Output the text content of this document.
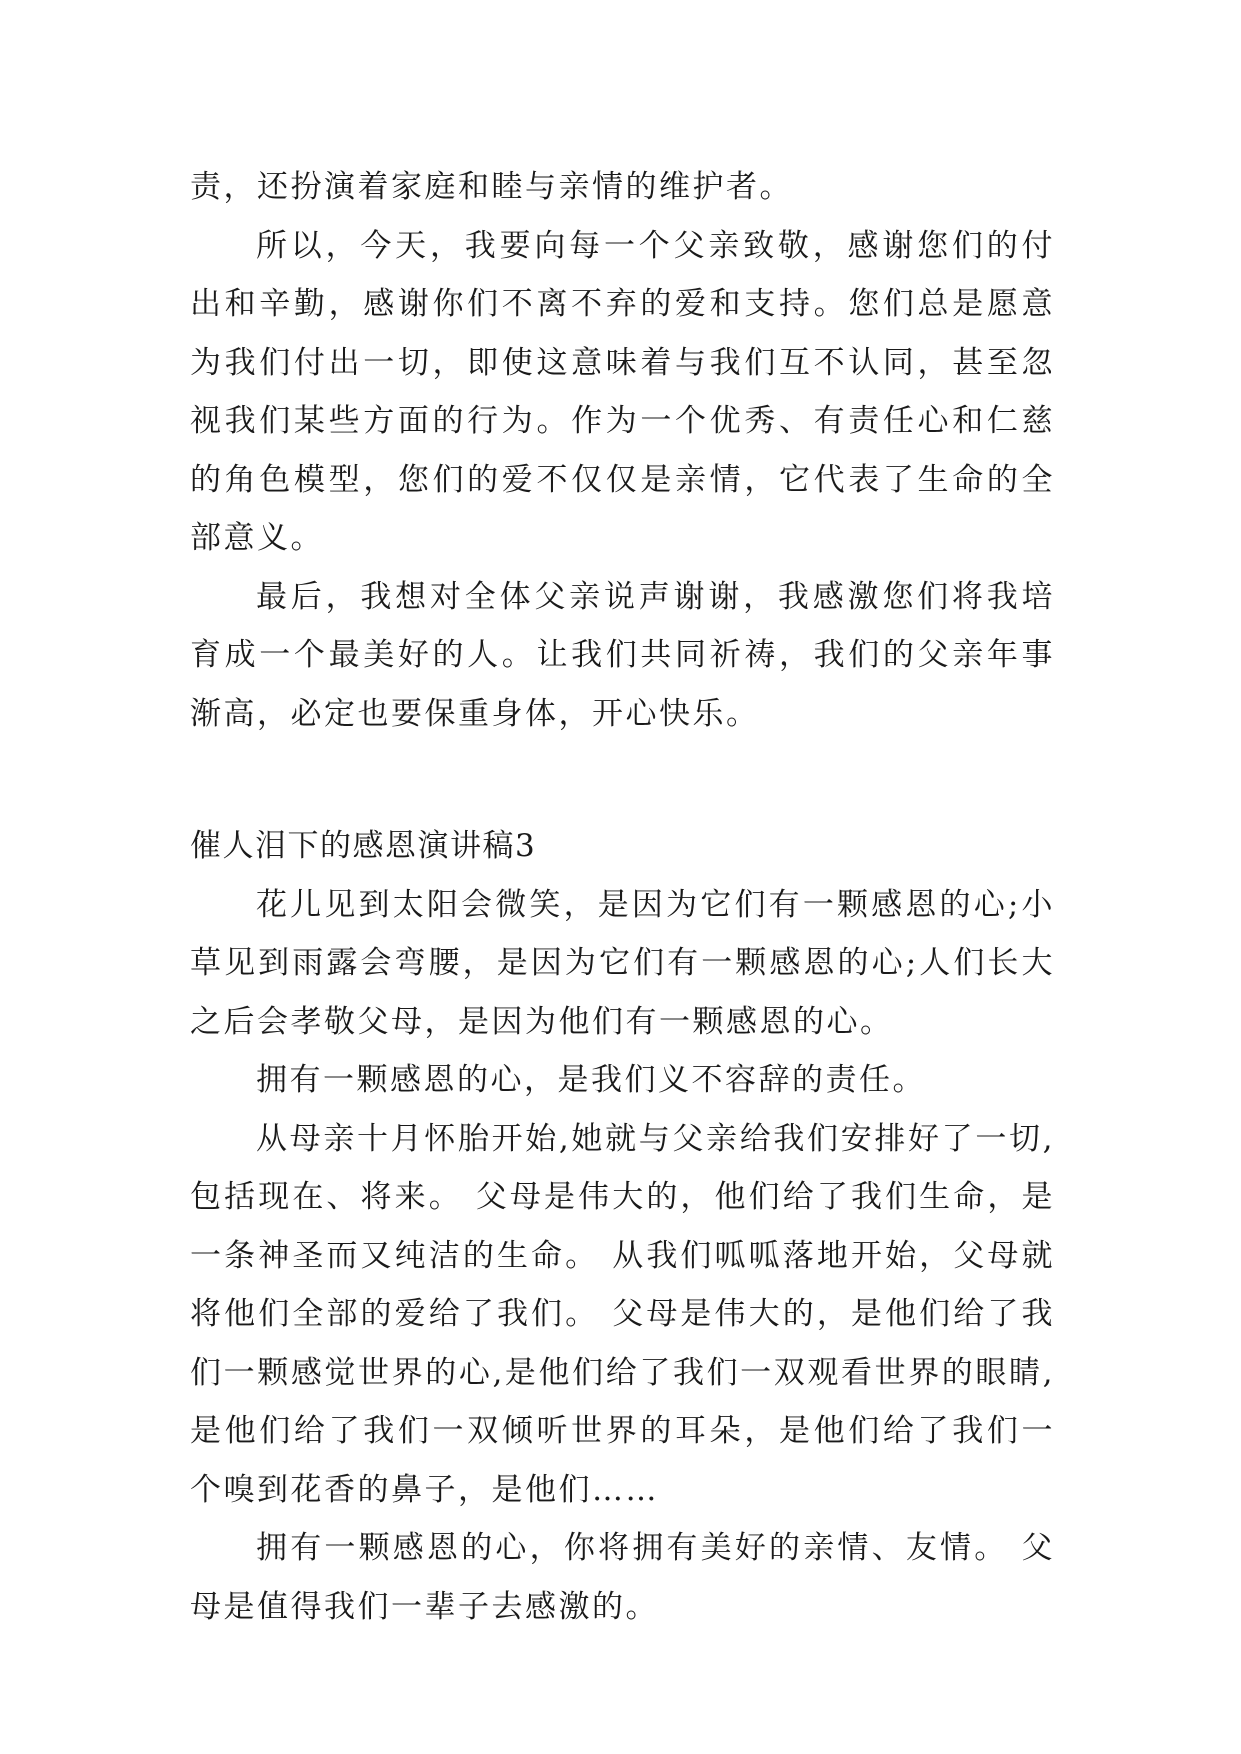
责，还扮演着家庭和睦与亲情的维护者。

所以，今天，我要向每一个父亲致敬，感谢您们的付出和辛勤，感谢你们不离不弃的爱和支持。您们总是愿意为我们付出一切，即使这意味着与我们互不认同，甚至忽视我们某些方面的行为。作为一个优秀、有责任心和仁慈的角色模型，您们的爱不仅仅是亲情，它代表了生命的全部意义。

最后，我想对全体父亲说声谢谢，我感激您们将我培育成一个最美好的人。让我们共同祈祷，我们的父亲年事渐高，必定也要保重身体，开心快乐。

催人泪下的感恩演讲稿3

花儿见到太阳会微笑，是因为它们有一颗感恩的心;小草见到雨露会弯腰，是因为它们有一颗感恩的心;人们长大之后会孝敬父母，是因为他们有一颗感恩的心。

拥有一颗感恩的心，是我们义不容辞的责任。

从母亲十月怀胎开始,她就与父亲给我们安排好了一切,包括现在、将来。 父母是伟大的，他们给了我们生命，是一条神圣而又纯洁的生命。 从我们呱呱落地开始，父母就将他们全部的爱给了我们。 父母是伟大的，是他们给了我们一颗感觉世界的心,是他们给了我们一双观看世界的眼睛,是他们给了我们一双倾听世界的耳朵，是他们给了我们一个嗅到花香的鼻子，是他们……

拥有一颗感恩的心，你将拥有美好的亲情、友情。 父母是值得我们一辈子去感激的。
